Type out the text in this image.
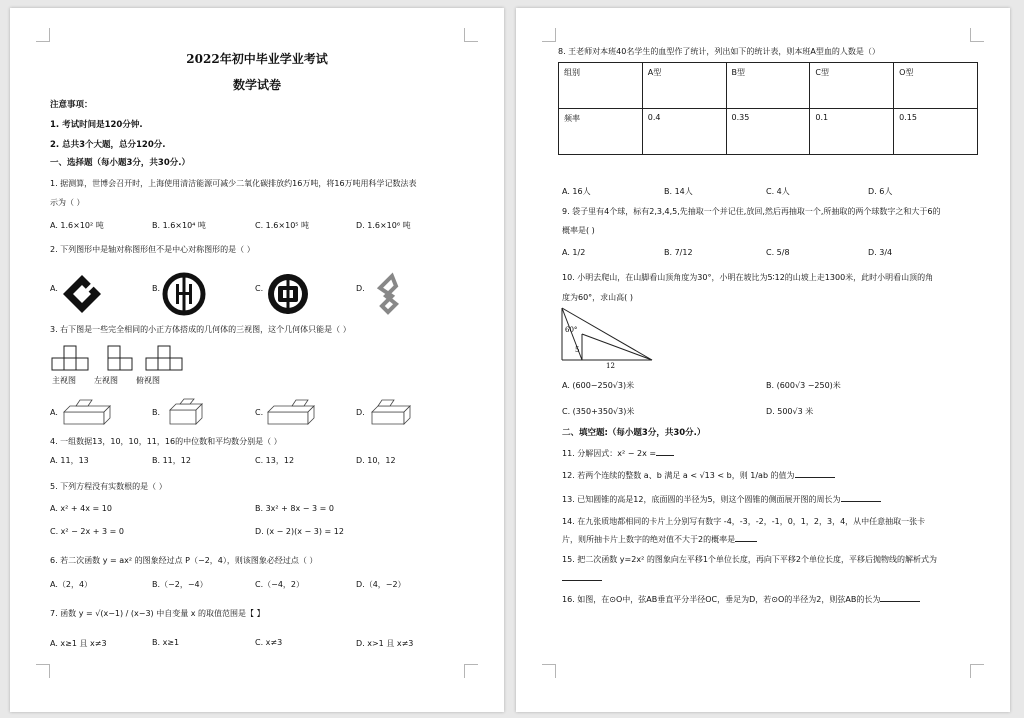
2022年初中毕业学业考试
数学试卷
注意事项：
1. 考试时间是120分钟.
2. 总共3个大题，总分120分.
一、选择题（每小题3分，共30分.）
1. 据测算，世博会召开时，上海使用清洁能源可减少二氧化碳排放约16万吨，将16万吨用科学记数法表
示为（ ）
A. 1.6×10² 吨	B. 1.6×10⁴ 吨	C. 1.6×10⁵ 吨	D. 1.6×10⁶ 吨
2. 下列图形中是轴对称图形但不是中心对称图形的是（ ）
A.	B.	C.	D.
3. 右下图是一些完全相同的小正方体搭成的几何体的三视图，这个几何体只能是（ ）
主视图 左视图 俯视图
A.	B.	C.	D.
4. 一组数据13，10，10，11，16的中位数和平均数分别是（ ）
A. 11，13	B. 11，12	C. 13，12	D. 10，12
5. 下列方程没有实数根的是（ ）
A. x² + 4x = 10	B. 3x² + 8x − 3 = 0
C. x² − 2x + 3 = 0	D. (x − 2)(x − 3) = 12
6. 若二次函数 y = ax² 的图象经过点 P（−2，4），则该图象必经过点（ ）
A.（2，4）	B.（−2，−4）	C.（−4，2）	D.（4，−2）
7. 函数 y = √(x−1) / (x−3) 中自变量 x 的取值范围是【 】
A. x≥1 且 x≠3	B. x≥1	C. x≠3	D. x>1 且 x≠3
8. 王老师对本班40名学生的血型作了统计，列出如下的统计表，则本班A型血的人数是（）
组别	A型	B型	C型	O型
频率	0.4	0.35	0.1	0.15
A. 16人	B. 14人	C. 4人	D. 6人
9. 袋子里有4个球，标有2,3,4,5,先抽取一个并记住,放回,然后再抽取一个,所抽取的两个球数字之和大于6的
概率是( )
A. 1/2	B. 7/12	C. 5/8	D. 3/4
10. 小明去爬山，在山脚看山顶角度为30°，小明在坡比为5∶12的山坡上走1300米，此时小明看山顶的角
度为60°，求山高( )
60°
5
12
A. (600−250√3)米	B. (600√3 −250)米
C. (350+350√3)米	D. 500√3 米
二、填空题:（每小题3分，共30分.）
11. 分解因式：x² − 2x =
12. 若两个连续的整数 a、b 满足 a < √13 < b，则 1/ab 的值为
13. 已知圆锥的高是12，底面圆的半径为5，则这个圆锥的侧面展开图的周长为
14. 在九张质地都相同的卡片上分别写有数字 -4，-3，-2，-1，0，1，2，3，4，从中任意抽取一张卡
片，则所抽卡片上数字的绝对值不大于2的概率是
15. 把二次函数 y=2x² 的图象向左平移1个单位长度，再向下平移2个单位长度，平移后抛物线的解析式为
16. 如图，在⊙O中，弦AB垂直平分半径OC，垂足为D，若⊙O的半径为2，则弦AB的长为
